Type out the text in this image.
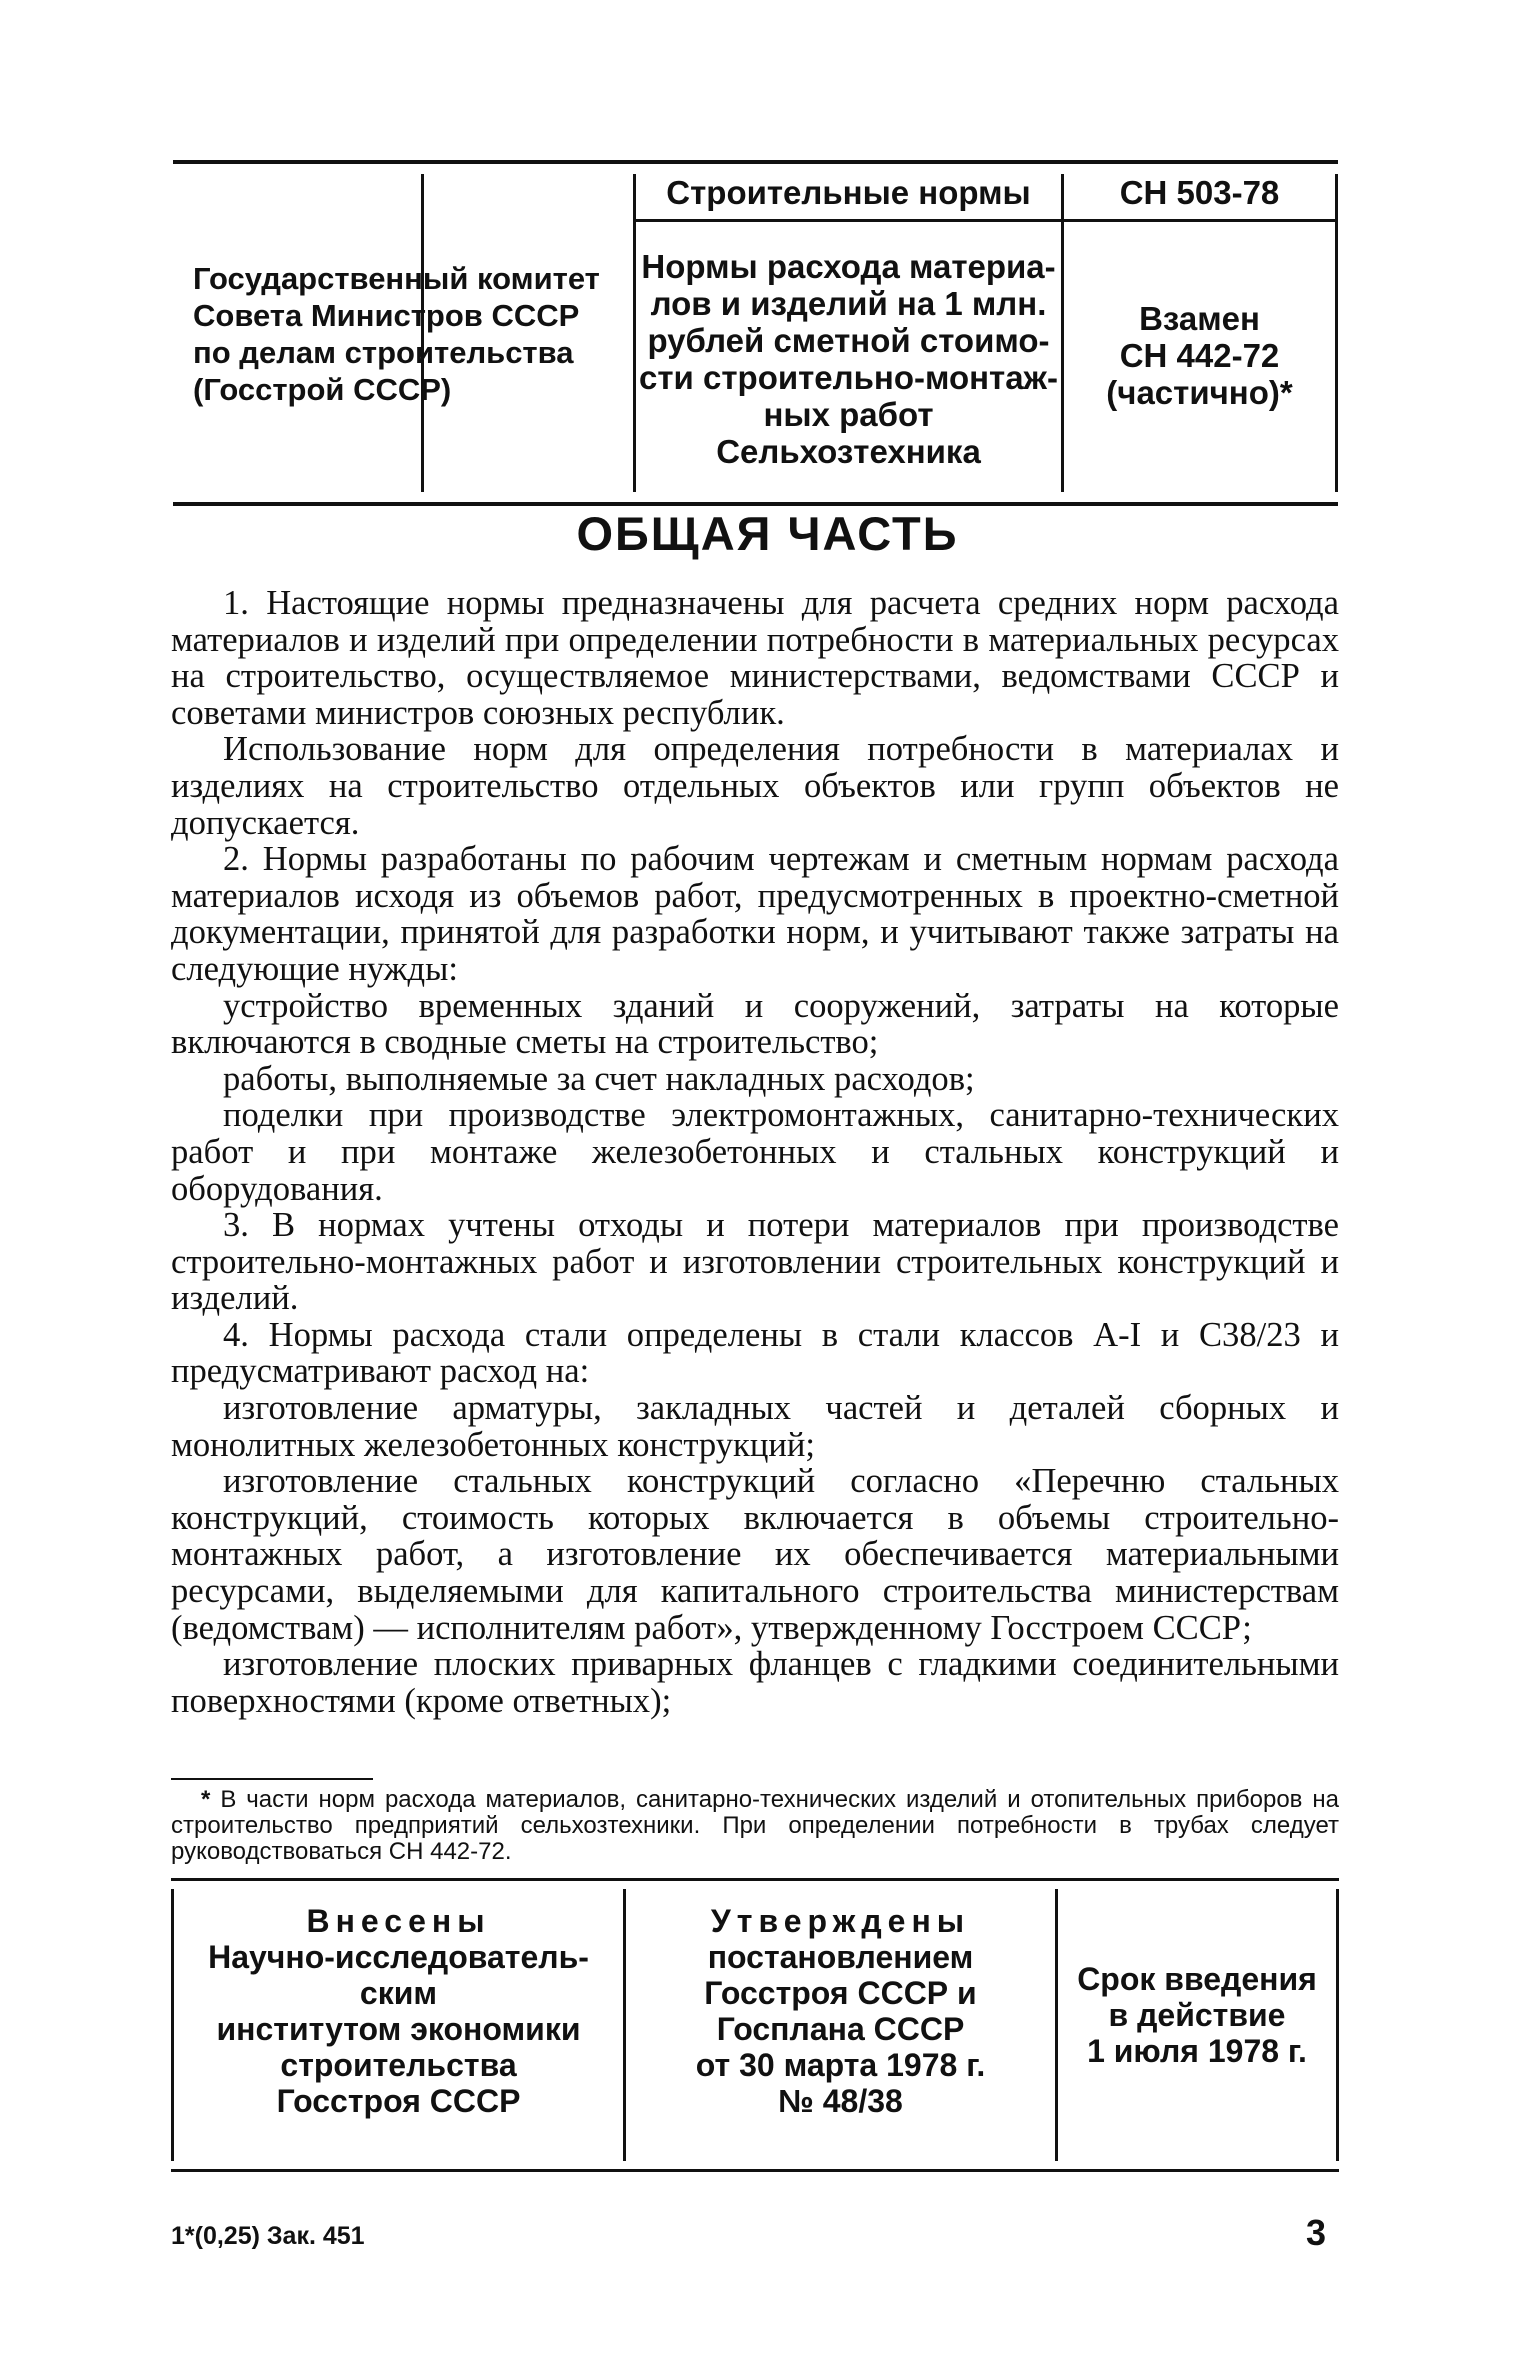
Государственный комитет
Совета Министров СССР
по делам строительства
(Госстрой СССР)
Строительные нормы	СН 503-78
Нормы расхода материа-
лов и изделий на 1 млн.
рублей сметной стоимо-
сти строительно-монтаж-
ных работ
Сельхозтехника
Взамен
СН 442-72
(частично)*
ОБЩАЯ ЧАСТЬ

1. Настоящие нормы предназначены для расчета средних норм расхода материалов и изделий при определении потребности в материальных ресурсах на строительство, осуществляемое министерствами, ведомствами СССР и советами министров союзных республик.

Использование норм для определения потребности в материалах и изделиях на строительство отдельных объектов или групп объектов не допускается.

2. Нормы разработаны по рабочим чертежам и сметным нормам расхода материалов исходя из объемов работ, предусмотренных в проектно-сметной документации, принятой для разработки норм, и учитывают также затраты на следующие нужды:

устройство временных зданий и сооружений, затраты на которые включаются в сводные сметы на строительство;

работы, выполняемые за счет накладных расходов;

поделки при производстве электромонтажных, санитарно-технических работ и при монтаже железобетонных и стальных конструкций и оборудования.

3. В нормах учтены отходы и потери материалов при производстве строительно-монтажных работ и изготовлении строительных конструкций и изделий.

4. Нормы расхода стали определены в стали классов А-I и С38/23 и предусматривают расход на:

изготовление арматуры, закладных частей и деталей сборных и монолитных железобетонных конструкций;

изготовление стальных конструкций согласно «Перечню стальных конструкций, стоимость которых включается в объемы строительно-монтажных работ, а изготовление их обеспечивается материальными ресурсами, выделяемыми для капитального строительства министерствам (ведомствам) — исполнителям работ», утвержденному Госстроем СССР;

изготовление плоских приварных фланцев с гладкими соединительными поверхностями (кроме ответных);

* В части норм расхода материалов, санитарно-технических изделий и отопительных приборов на строительство предприятий сельхозтехники. При определении потребности в трубах следует руководствоваться СН 442-72.
Внесены
Научно-исследователь-
ским
институтом экономики
строительства
Госстроя СССР
Утверждены
постановлением
Госстроя СССР и
Госплана СССР
от 30 марта 1978 г.
№ 48/38
Срок введения
в действие
1 июля 1978 г.
1*(0,25) Зак. 451	3
